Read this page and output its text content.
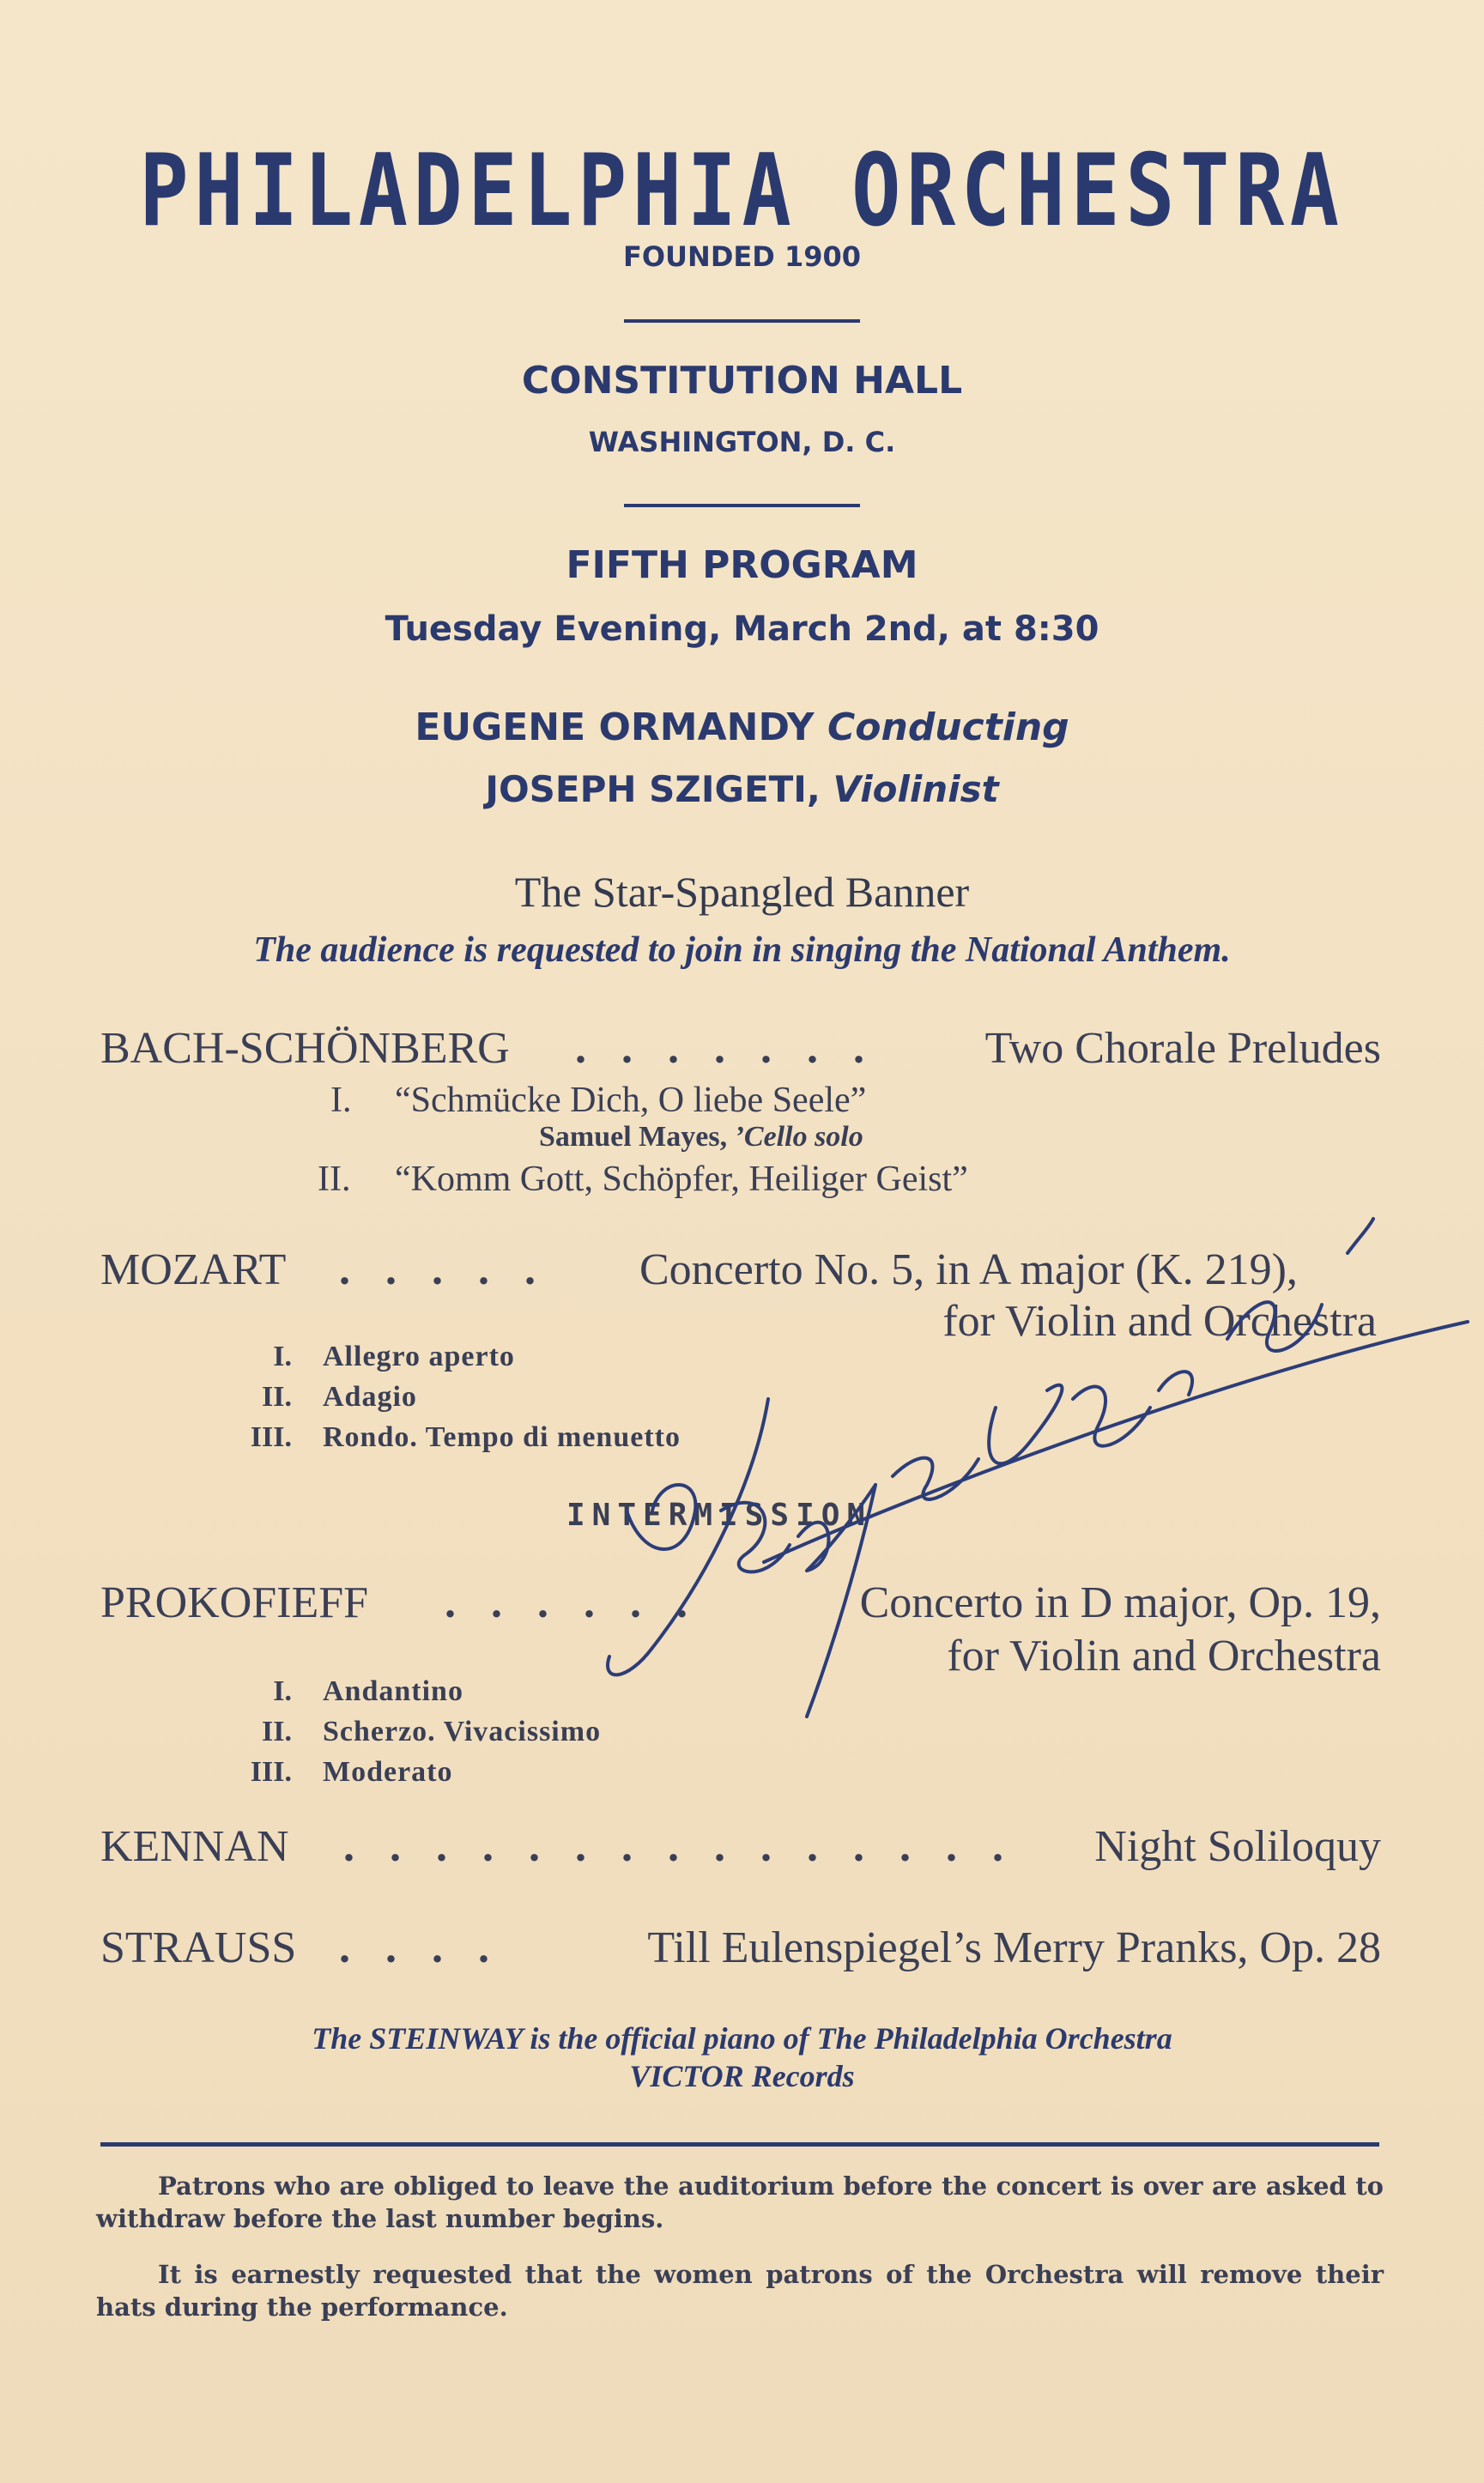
PHILADELPHIA ORCHESTRA
FOUNDED 1900
CONSTITUTION HALL
WASHINGTON, D. C.
FIFTH PROGRAM
Tuesday Evening, March 2nd, at 8:30
EUGENE ORMANDY Conducting
JOSEPH SZIGETI, Violinist
The Star-Spangled Banner
The audience is requested to join in singing the National Anthem.
BACH-SCHÖNBERG . . . . . . . Two Chorale Preludes
I. “Schmücke Dich, O liebe Seele”
Samuel Mayes, ’Cello solo
II. “Komm Gott, Schöpfer, Heiliger Geist”
MOZART . . . . . Concerto No. 5, in A major (K. 219),
for Violin and Orchestra
I. Allegro aperto
II. Adagio
III. Rondo. Tempo di menuetto
INTERMISSION
PROKOFIEFF . . . . . .	Concerto in D major, Op. 19,
for Violin and Orchestra
I. Andantino
II. Scherzo. Vivacissimo
III. Moderato
KENNAN . . . . . . . . . . . . . . . Night Soliloquy
STRAUSS . . . .	Till Eulenspiegel’s Merry Pranks, Op. 28
The STEINWAY is the official piano of The Philadelphia Orchestra
VICTOR Records

Patrons who are obliged to leave the auditorium before the concert is over are asked to withdraw before the last number begins.

It is earnestly requested that the women patrons of the Orchestra will remove their hats during the performance.
